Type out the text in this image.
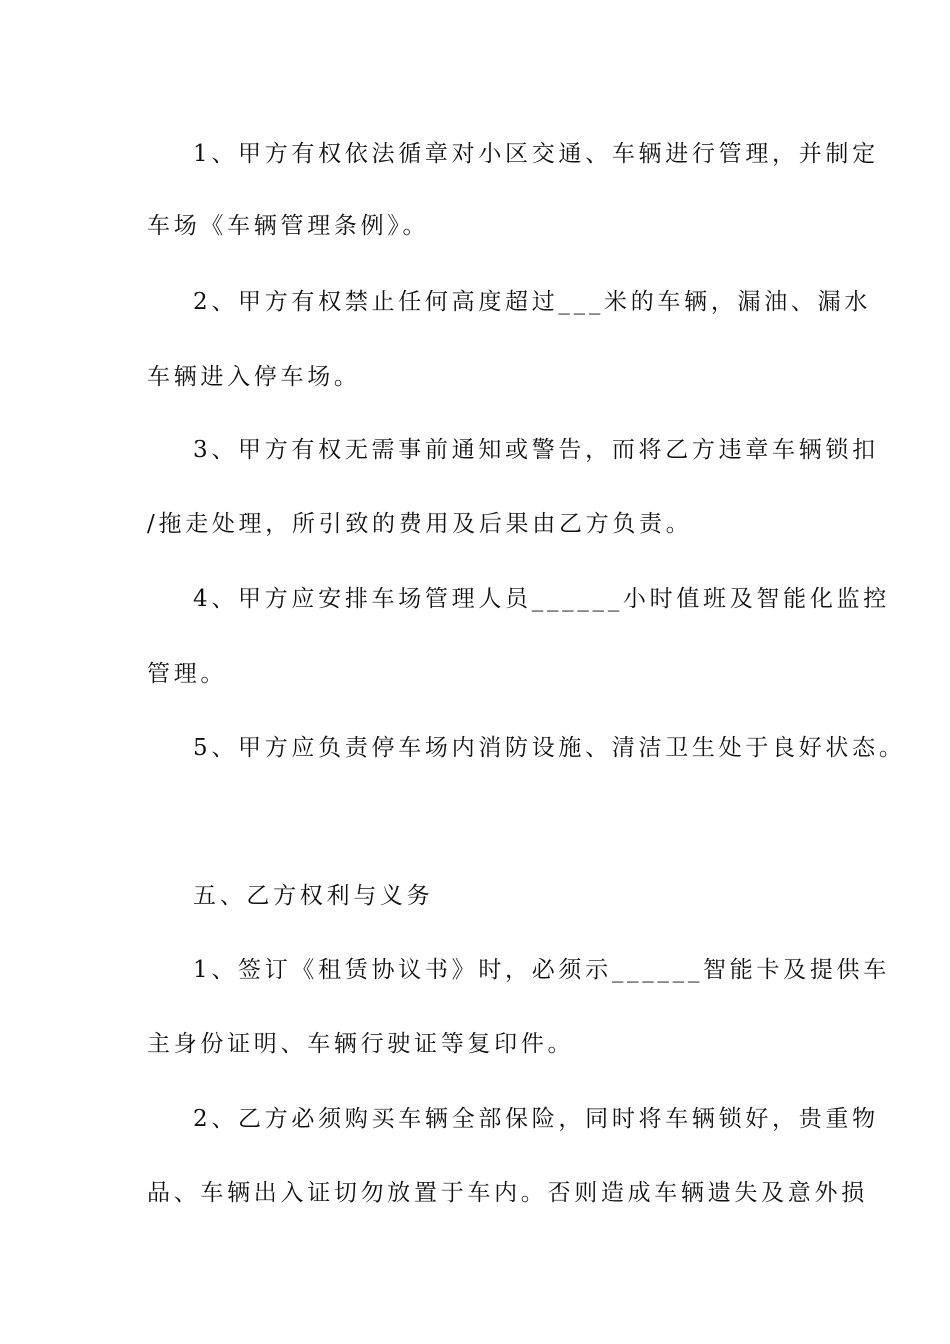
1、甲方有权依法循章对小区交通、车辆进行管理，并制定
车场《车辆管理条例》。
2、甲方有权禁止任何高度超过___米的车辆，漏油、漏水
车辆进入停车场。
3、甲方有权无需事前通知或警告，而将乙方违章车辆锁扣
/拖走处理，所引致的费用及后果由乙方负责。
4、甲方应安排车场管理人员______小时值班及智能化监控
管理。
5、甲方应负责停车场内消防设施、清洁卫生处于良好状态。
五、乙方权利与义务
1、签订《租赁协议书》时，必须示______智能卡及提供车
主身份证明、车辆行驶证等复印件。
2、乙方必须购买车辆全部保险，同时将车辆锁好，贵重物
品、车辆出入证切勿放置于车内。否则造成车辆遗失及意外损
